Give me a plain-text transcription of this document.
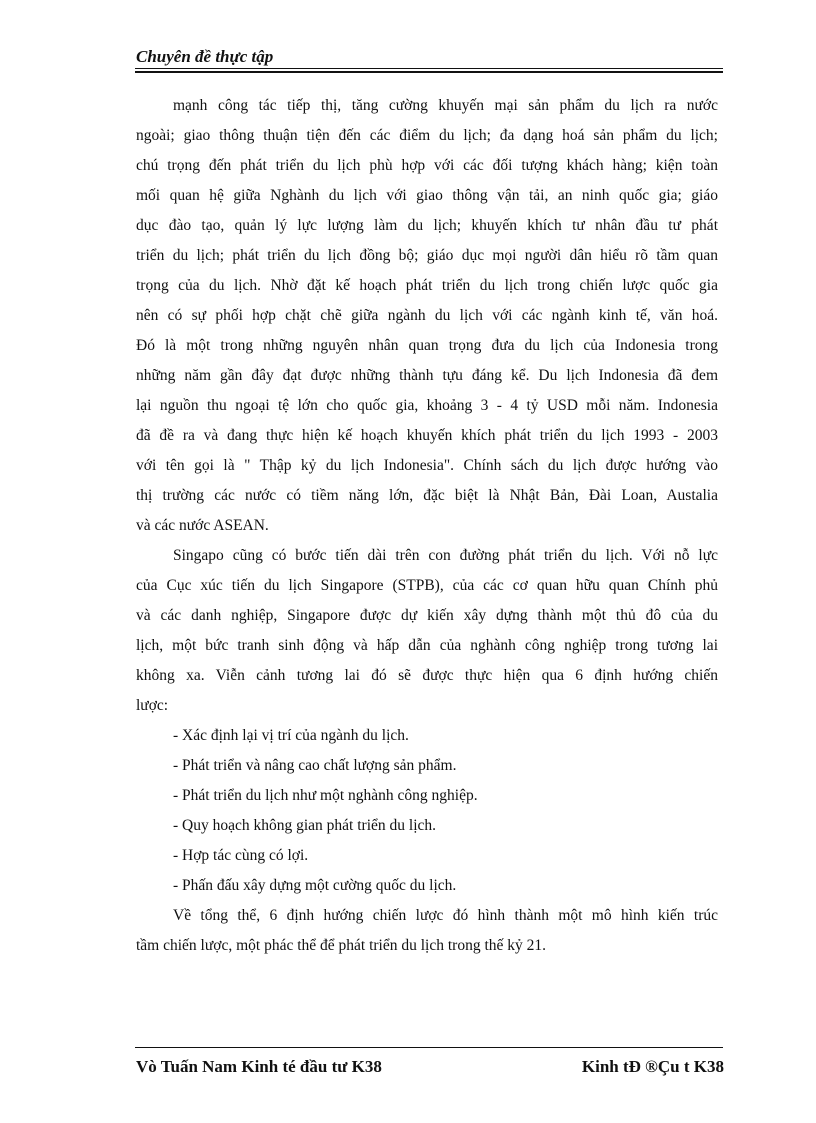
Chuyên đề thực tập
mạnh công tác tiếp thị, tăng cường khuyến mại sản phẩm du lịch ra nước
ngoài; giao thông thuận tiện đến các điểm du lịch; đa dạng hoá sản phẩm du lịch;
chú trọng đến phát triển du lịch phù hợp với các đối tượng khách hàng; kiện toàn
mối quan hệ giữa Nghành du lịch với giao thông vận tải, an ninh quốc gia; giáo
dục đào tạo, quản lý lực lượng làm du lịch; khuyến khích tư nhân đầu tư phát
triển du lịch; phát triển du lịch đồng bộ; giáo dục mọi người dân hiểu rõ tầm quan
trọng của du lịch. Nhờ đặt kế hoạch phát triển du lịch trong chiến lược quốc gia
nên có sự phối hợp chặt chẽ giữa ngành du lịch với các ngành kinh tế, văn hoá.
Đó là một trong những nguyên nhân quan trọng đưa du lịch của Indonesia trong
những năm gần đây đạt được những thành tựu đáng kể. Du lịch Indonesia đã đem
lại nguồn thu ngoại tệ lớn cho quốc gia, khoảng 3 - 4 tỷ USD mỗi năm. Indonesia
đã đề ra và đang thực hiện kế hoạch khuyến khích phát triển du lịch 1993 - 2003
với tên gọi là " Thập kỷ du lịch Indonesia". Chính sách du lịch được hướng vào
thị trường các nước có tiềm năng lớn, đặc biệt là Nhật Bản, Đài Loan, Austalia
và các nước ASEAN.
Singapo cũng có bước tiến dài trên con đường phát triển du lịch. Với nỗ lực
của Cục xúc tiến du lịch Singapore (STPB), của các cơ quan hữu quan Chính phủ
và các danh nghiệp, Singapore được dự kiến xây dựng thành một thủ đô của du
lịch, một bức tranh sinh động và hấp dẫn của nghành công nghiệp trong tương lai
không xa. Viễn cảnh tương lai đó sẽ được thực hiện qua 6 định hướng chiến
lược:
- Xác định lại vị trí của ngành du lịch.
- Phát triển và nâng cao chất lượng sản phẩm.
- Phát triển du lịch như một nghành công nghiệp.
- Quy hoạch không gian phát triển du lịch.
- Hợp tác cùng có lợi.
- Phấn đấu xây dựng một cường quốc du lịch.
Về tổng thể, 6 định hướng chiến lược đó hình thành một mô hình kiến trúc
tầm chiến lược, một phác thể để phát triển du lịch trong thế kỷ 21.
Vò Tuấn Nam Kinh té đầu tư K38	Kinh tÐ ®Çu t K38
